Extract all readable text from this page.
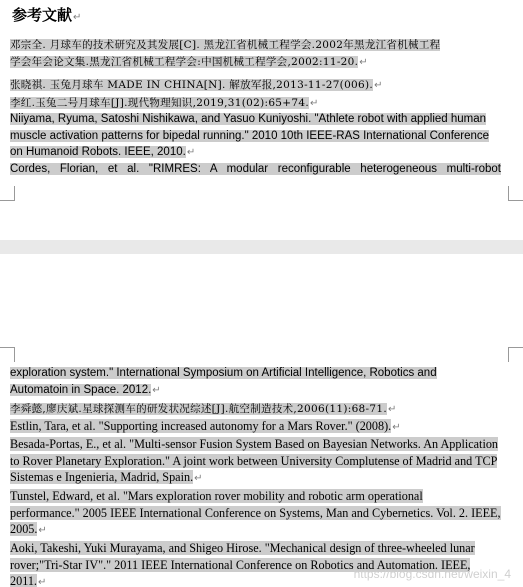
参考文献↵
邓宗全. 月球车的技术研究及其发展[C]. 黑龙江省机械工程学会.2002年黑龙江省机械工程
学会年会论文集.黑龙江省机械工程学会:中国机械工程学会,2002:11-20.↵
张晓祺. 玉兔月球车 MADE IN CHINA[N]. 解放军报,2013-11-27(006).↵
李红.玉兔二号月球车[J].现代物理知识,2019,31(02):65+74.↵
Niiyama, Ryuma, Satoshi Nishikawa, and Yasuo Kuniyoshi. "Athlete robot with applied human
muscle activation patterns for bipedal running." 2010 10th IEEE-RAS International Conference
on Humanoid Robots. IEEE, 2010.↵
Cordes, Florian, et al. "RIMRES: A modular reconfigurable heterogeneous multi-robot
exploration system." International Symposium on Artificial Intelligence, Robotics and
Automatoin in Space. 2012.↵
李舜懿,廖庆斌.星球探测车的研发状况综述[J].航空制造技术,2006(11):68-71.↵
Estlin, Tara, et al. "Supporting increased autonomy for a Mars Rover." (2008).↵
Besada-Portas, E., et al. "Multi-sensor Fusion System Based on Bayesian Networks. An Application
to Rover Planetary Exploration." A joint work between University Complutense of Madrid and TCP
Sistemas e Ingenieria, Madrid, Spain.↵
Tunstel, Edward, et al. "Mars exploration rover mobility and robotic arm operational
performance." 2005 IEEE International Conference on Systems, Man and Cybernetics. Vol. 2. IEEE,
2005.↵
Aoki, Takeshi, Yuki Murayama, and Shigeo Hirose. "Mechanical design of three-wheeled lunar
rover;"Tri-Star IV"." 2011 IEEE International Conference on Robotics and Automation. IEEE, 2011.↵
https://blog.csdn.net/weixin_4
